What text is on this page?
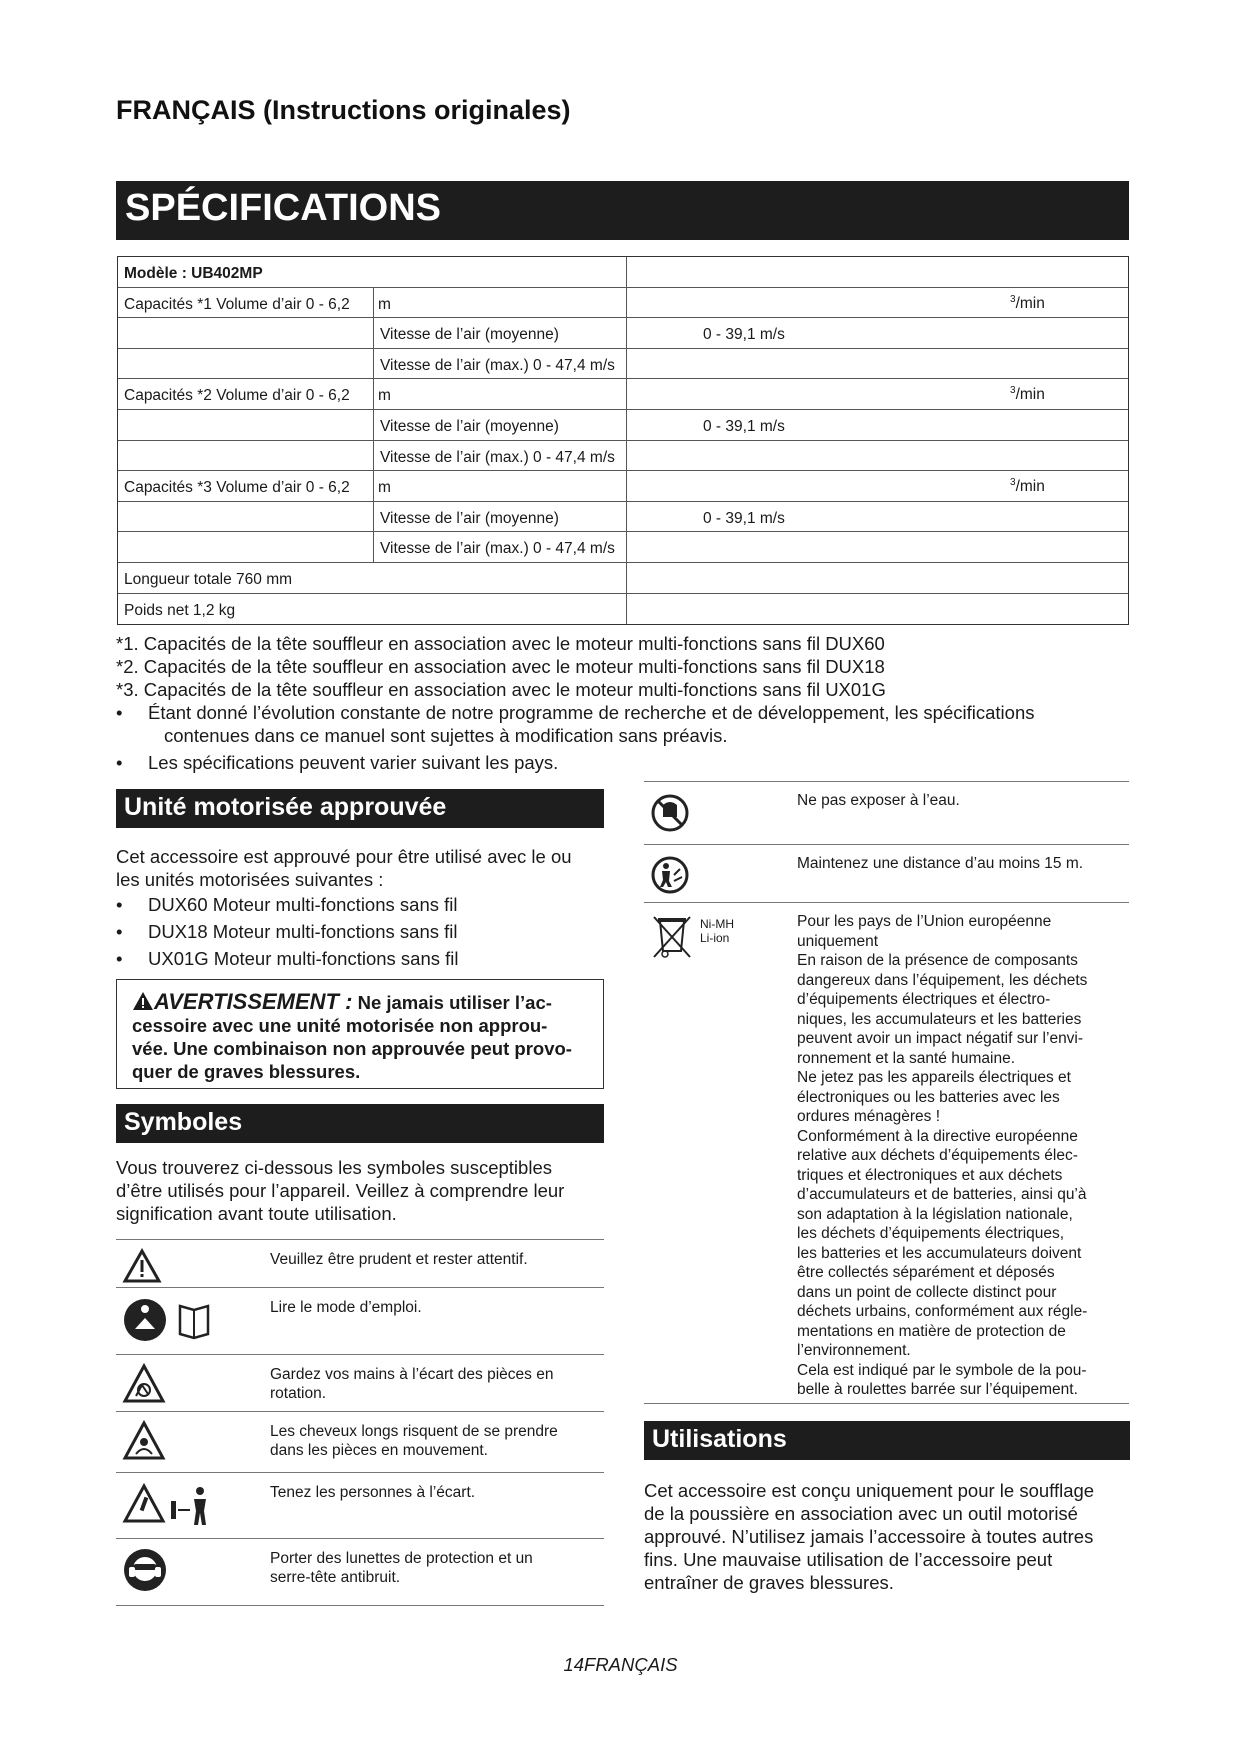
FRANÇAIS (Instructions originales)
SPÉCIFICATIONS
Modèle : UB402MP
Capacités *1 Volume d’air 0 - 6,2	m	$^3$/min
Vitesse de l’air (moyenne)	0 - 39,1 m/s
Vitesse de l’air (max.) 0 - 47,4 m/s
Capacités *2 Volume d’air 0 - 6,2	m	$^3$/min
Vitesse de l’air (moyenne)	0 - 39,1 m/s
Vitesse de l’air (max.) 0 - 47,4 m/s
Capacités *3 Volume d’air 0 - 6,2	m	$^3$/min
Vitesse de l’air (moyenne)	0 - 39,1 m/s
Vitesse de l’air (max.) 0 - 47,4 m/s
Longueur totale 760 mm
Poids net 1,2 kg

*1. Capacités de la tête souffleur en association avec le moteur multi-fonctions sans fil DUX60

*2. Capacités de la tête souffleur en association avec le moteur multi-fonctions sans fil DUX18

*3. Capacités de la tête souffleur en association avec le moteur multi-fonctions sans fil UX01G

• Étant donné l’évolution constante de notre programme de recherche et de développement, les spécifications

contenues dans ce manuel sont sujettes à modification sans préavis.

• Les spécifications peuvent varier suivant les pays.

Unité motorisée approuvée
Cet accessoire est approuvé pour être utilisé avec le ou
les unités motorisées suivantes :
• DUX60 Moteur multi-fonctions sans fil
• DUX18 Moteur multi-fonctions sans fil
• UX01G Moteur multi-fonctions sans fil
AVERTISSEMENT : Ne jamais utiliser l’ac-
cessoire avec une unité motorisée non approu-
vée. Une combinaison non approuvée peut provo-
quer de graves blessures.
Symboles
Vous trouverez ci-dessous les symboles susceptibles
d’être utilisés pour l’appareil. Veillez à comprendre leur
signification avant toute utilisation.
Veuillez être prudent et rester attentif.
Lire le mode d’emploi.
Gardez vos mains à l’écart des pièces en
rotation.
Les cheveux longs risquent de se prendre
dans les pièces en mouvement.
Tenez les personnes à l’écart.
Porter des lunettes de protection et un
serre-tête antibruit.
Ne pas exposer à l’eau.
Maintenez une distance d’au moins 15 m.
Ni-MH
Li-ion
Pour les pays de l’Union européenne
uniquement
En raison de la présence de composants
dangereux dans l’équipement, les déchets
d’équipements électriques et électro-
niques, les accumulateurs et les batteries
peuvent avoir un impact négatif sur l’envi-
ronnement et la santé humaine.
Ne jetez pas les appareils électriques et
électroniques ou les batteries avec les
ordures ménagères !
Conformément à la directive européenne
relative aux déchets d’équipements élec-
triques et électroniques et aux déchets
d’accumulateurs et de batteries, ainsi qu’à
son adaptation à la législation nationale,
les déchets d’équipements électriques,
les batteries et les accumulateurs doivent
être collectés séparément et déposés
dans un point de collecte distinct pour
déchets urbains, conformément aux régle-
mentations en matière de protection de
l’environnement.
Cela est indiqué par le symbole de la pou-
belle à roulettes barrée sur l’équipement.
Utilisations
Cet accessoire est conçu uniquement pour le soufflage
de la poussière en association avec un outil motorisé
approuvé. N’utilisez jamais l’accessoire à toutes autres
fins. Une mauvaise utilisation de l’accessoire peut
entraîner de graves blessures.
14FRANÇAIS
